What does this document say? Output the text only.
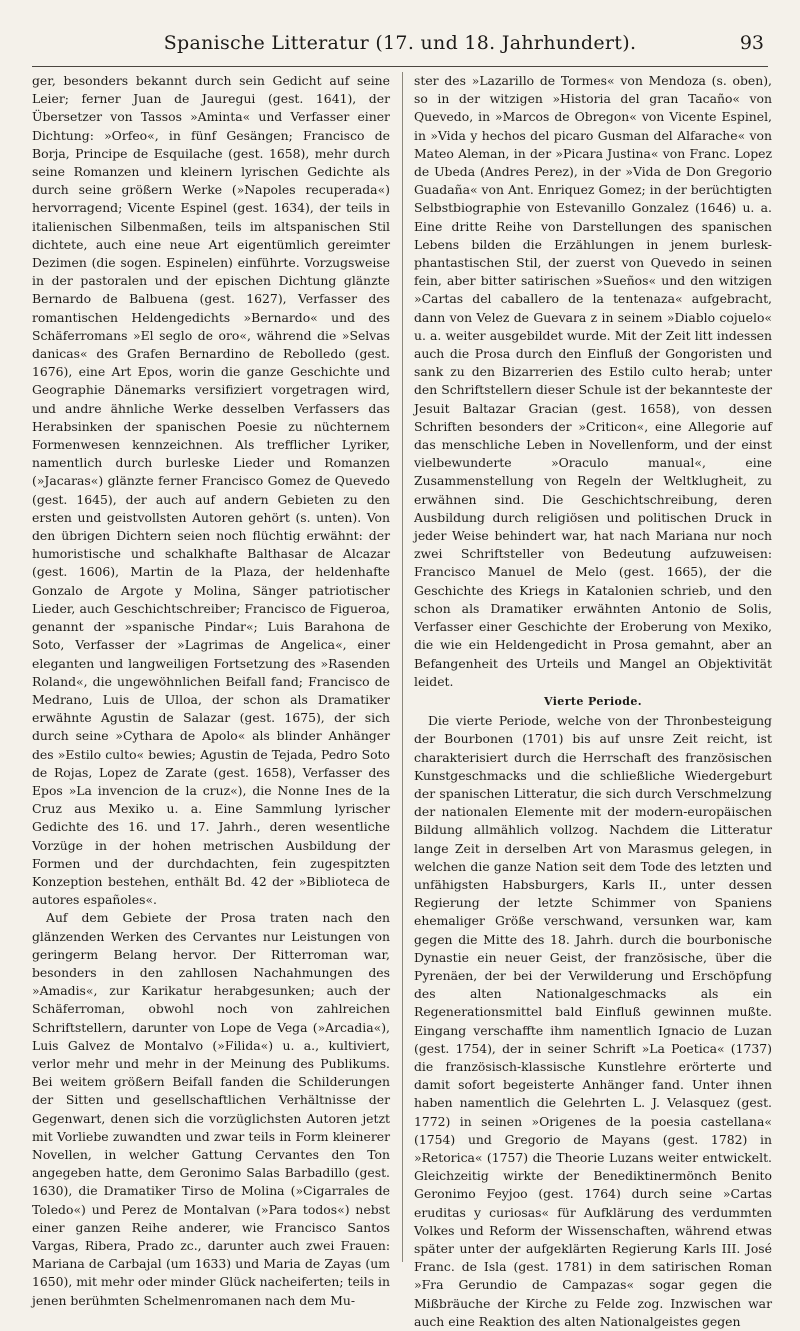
Spanische Litteratur (17. und 18. Jahrhundert).	93

ger, besonders bekannt durch sein Gedicht auf seine Leier; ferner Juan de Jauregui (gest. 1641), der Übersetzer von Tassos »Aminta« und Verfasser einer Dichtung: »Orfeo«, in fünf Gesängen; Francisco de Borja, Principe de Esquilache (gest. 1658), mehr durch seine Romanzen und kleinern lyrischen Gedichte als durch seine größern Werke (»Napoles recuperada«) hervorragend; Vicente Espinel (gest. 1634), der teils in italienischen Silbenmaßen, teils im altspanischen Stil dichtete, auch eine neue Art eigentümlich gereimter Dezimen (die sogen. Espinelen) einführte. Vorzugsweise in der pastoralen und der epischen Dichtung glänzte Bernardo de Balbuena (gest. 1627), Verfasser des romantischen Heldengedichts »Bernardo« und des Schäferromans »El seglo de oro«, während die »Selvas danicas« des Grafen Bernardino de Rebolledo (gest. 1676), eine Art Epos, worin die ganze Geschichte und Geographie Dänemarks versifiziert vorgetragen wird, und andre ähnliche Werke desselben Verfassers das Herabsinken der spanischen Poesie zu nüchternem Formenwesen kennzeichnen. Als trefflicher Lyriker, namentlich durch burleske Lieder und Romanzen (»Jacaras«) glänzte ferner Francisco Gomez de Quevedo (gest. 1645), der auch auf andern Gebieten zu den ersten und geistvollsten Autoren gehört (s. unten). Von den übrigen Dichtern seien noch flüchtig erwähnt: der humoristische und schalkhafte Balthasar de Alcazar (gest. 1606), Martin de la Plaza, der heldenhafte Gonzalo de Argote y Molina, Sänger patriotischer Lieder, auch Geschichtschreiber; Francisco de Figueroa, genannt der »spanische Pindar«; Luis Barahona de Soto, Verfasser der »Lagrimas de Angelica«, einer eleganten und langweiligen Fortsetzung des »Rasenden Roland«, die ungewöhnlichen Beifall fand; Francisco de Medrano, Luis de Ulloa, der schon als Dramatiker erwähnte Agustin de Salazar (gest. 1675), der sich durch seine »Cythara de Apolo« als blinder Anhänger des »Estilo culto« bewies; Agustin de Tejada, Pedro Soto de Rojas, Lopez de Zarate (gest. 1658), Verfasser des Epos »La invencion de la cruz«), die Nonne Ines de la Cruz aus Mexiko u. a. Eine Sammlung lyrischer Gedichte des 16. und 17. Jahrh., deren wesentliche Vorzüge in der hohen metrischen Ausbildung der Formen und der durchdachten, fein zugespitzten Konzeption bestehen, enthält Bd. 42 der »Biblioteca de autores españoles«.

Auf dem Gebiete der Prosa traten nach den glänzenden Werken des Cervantes nur Leistungen von geringerm Belang hervor. Der Ritterroman war, besonders in den zahllosen Nachahmungen des »Amadis«, zur Karikatur herabgesunken; auch der Schäferroman, obwohl noch von zahlreichen Schriftstellern, darunter von Lope de Vega (»Arcadia«), Luis Galvez de Montalvo (»Filida«) u. a., kultiviert, verlor mehr und mehr in der Meinung des Publikums. Bei weitem größern Beifall fanden die Schilderungen der Sitten und gesellschaftlichen Verhältnisse der Gegenwart, denen sich die vorzüglichsten Autoren jetzt mit Vorliebe zuwandten und zwar teils in Form kleinerer Novellen, in welcher Gattung Cervantes den Ton angegeben hatte, dem Geronimo Salas Barbadillo (gest. 1630), die Dramatiker Tirso de Molina (»Cigarrales de Toledo«) und Perez de Montalvan (»Para todos«) nebst einer ganzen Reihe anderer, wie Francisco Santos Vargas, Ribera, Prado zc., darunter auch zwei Frauen: Mariana de Carbajal (um 1633) und Maria de Zayas (um 1650), mit mehr oder minder Glück nacheiferten; teils in jenen berühmten Schelmenromanen nach dem Mu-

ster des »Lazarillo de Tormes« von Mendoza (s. oben), so in der witzigen »Historia del gran Tacaño« von Quevedo, in »Marcos de Obregon« von Vicente Espinel, in »Vida y hechos del picaro Gusman del Alfarache« von Mateo Aleman, in der »Picara Justina« von Franc. Lopez de Ubeda (Andres Perez), in der »Vida de Don Gregorio Guadaña« von Ant. Enriquez Gomez; in der berüchtigten Selbstbiographie von Estevanillo Gonzalez (1646) u. a. Eine dritte Reihe von Darstellungen des spanischen Lebens bilden die Erzählungen in jenem burlesk-phantastischen Stil, der zuerst von Quevedo in seinen fein, aber bitter satirischen »Sueños« und den witzigen »Cartas del caballero de la tentenaza« aufgebracht, dann von Velez de Guevara z in seinem »Diablo cojuelo« u. a. weiter ausgebildet wurde. Mit der Zeit litt indessen auch die Prosa durch den Einfluß der Gongoristen und sank zu den Bizarrerien des Estilo culto herab; unter den Schriftstellern dieser Schule ist der bekannteste der Jesuit Baltazar Gracian (gest. 1658), von dessen Schriften besonders der »Criticon«, eine Allegorie auf das menschliche Leben in Novellenform, und der einst vielbewunderte »Oraculo manual«, eine Zusammenstellung von Regeln der Weltklugheit, zu erwähnen sind. Die Geschichtschreibung, deren Ausbildung durch religiösen und politischen Druck in jeder Weise behindert war, hat nach Mariana nur noch zwei Schriftsteller von Bedeutung aufzuweisen: Francisco Manuel de Melo (gest. 1665), der die Geschichte des Kriegs in Katalonien schrieb, und den schon als Dramatiker erwähnten Antonio de Solis, Verfasser einer Geschichte der Eroberung von Mexiko, die wie ein Heldengedicht in Prosa gemahnt, aber an Befangenheit des Urteils und Mangel an Objektivität leidet.

Vierte Periode.

Die vierte Periode, welche von der Thronbesteigung der Bourbonen (1701) bis auf unsre Zeit reicht, ist charakterisiert durch die Herrschaft des französischen Kunstgeschmacks und die schließliche Wiedergeburt der spanischen Litteratur, die sich durch Verschmelzung der nationalen Elemente mit der modern-europäischen Bildung allmählich vollzog. Nachdem die Litteratur lange Zeit in derselben Art von Marasmus gelegen, in welchen die ganze Nation seit dem Tode des letzten und unfähigsten Habsburgers, Karls II., unter dessen Regierung der letzte Schimmer von Spaniens ehemaliger Größe verschwand, versunken war, kam gegen die Mitte des 18. Jahrh. durch die bourbonische Dynastie ein neuer Geist, der französische, über die Pyrenäen, der bei der Verwilderung und Erschöpfung des alten Nationalgeschmacks als ein Regenerationsmittel bald Einfluß gewinnen mußte. Eingang verschaffte ihm namentlich Ignacio de Luzan (gest. 1754), der in seiner Schrift »La Poetica« (1737) die französisch-klassische Kunstlehre erörterte und damit sofort begeisterte Anhänger fand. Unter ihnen haben namentlich die Gelehrten L. J. Velasquez (gest. 1772) in seinen »Origenes de la poesia castellana« (1754) und Gregorio de Mayans (gest. 1782) in »Retorica« (1757) die Theorie Luzans weiter entwickelt. Gleichzeitig wirkte der Benediktinermönch Benito Geronimo Feyjoo (gest. 1764) durch seine »Cartas eruditas y curiosas« für Aufklärung des verdummten Volkes und Reform der Wissenschaften, während etwas später unter der aufgeklärten Regierung Karls III. José Franc. de Isla (gest. 1781) in dem satirischen Roman »Fra Gerundio de Campazas« sogar gegen die Mißbräuche der Kirche zu Felde zog. Inzwischen war auch eine Reaktion des alten Nationalgeistes gegen
